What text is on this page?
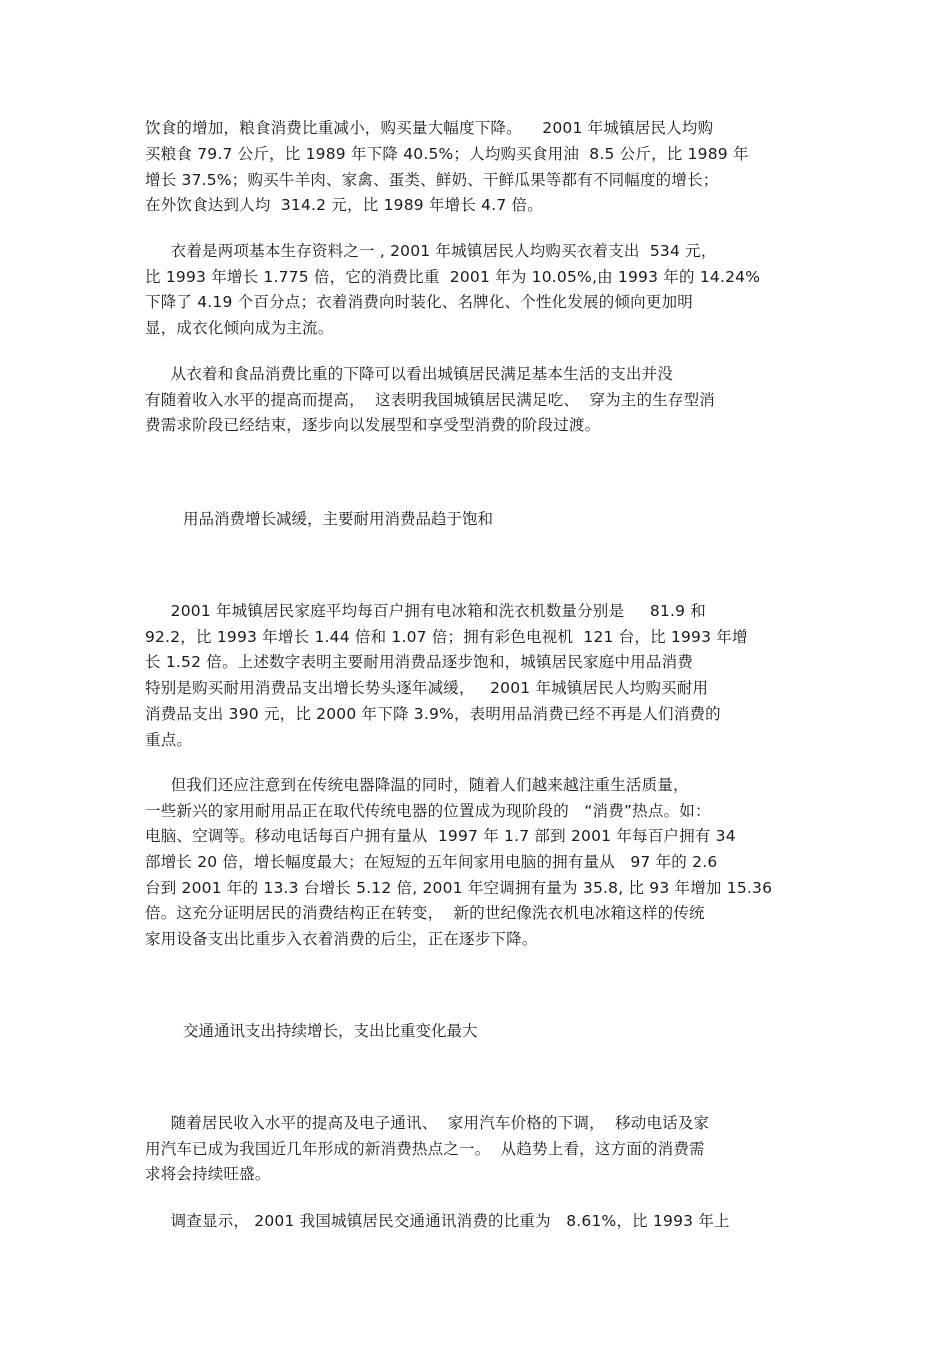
饮食的增加，粮食消费比重减小，购买量大幅度下降。    2001 年城镇居民人均购
买粮食 79.7 公斤，比 1989 年下降 40.5%；人均购买食用油  8.5 公斤，比 1989 年
增长 37.5%；购买牛羊肉、家禽、蛋类、鲜奶、干鲜瓜果等都有不同幅度的增长；
在外饮食达到人均  314.2 元，比 1989 年增长 4.7 倍。
衣着是两项基本生存资料之一 , 2001 年城镇居民人均购买衣着支出  534 元，
比 1993 年增长 1.775 倍，它的消费比重  2001 年为 10.05%,由 1993 年的 14.24%
下降了 4.19 个百分点；衣着消费向时装化、名牌化、个性化发展的倾向更加明
显，成衣化倾向成为主流。
从衣着和食品消费比重的下降可以看出城镇居民满足基本生活的支出并没
有随着收入水平的提高而提高，  这表明我国城镇居民满足吃、  穿为主的生存型消
费需求阶段已经结束，逐步向以发展型和享受型消费的阶段过渡。
用品消费增长减缓，主要耐用消费品趋于饱和
2001 年城镇居民家庭平均每百户拥有电冰箱和洗衣机数量分别是     81.9 和
92.2，比 1993 年增长 1.44 倍和 1.07 倍；拥有彩色电视机  121 台，比 1993 年增
长 1.52 倍。上述数字表明主要耐用消费品逐步饱和，城镇居民家庭中用品消费
特别是购买耐用消费品支出增长势头逐年减缓，   2001 年城镇居民人均购买耐用
消费品支出 390 元，比 2000 年下降 3.9%，表明用品消费已经不再是人们消费的
重点。
但我们还应注意到在传统电器降温的同时，随着人们越来越注重生活质量，
一些新兴的家用耐用品正在取代传统电器的位置成为现阶段的   “消费”热点。如：
电脑、空调等。移动电话每百户拥有量从  1997 年 1.7 部到 2001 年每百户拥有 34
部增长 20 倍，增长幅度最大；在短短的五年间家用电脑的拥有量从   97 年的 2.6
台到 2001 年的 13.3 台增长 5.12 倍, 2001 年空调拥有量为 35.8, 比 93 年增加 15.36
倍。这充分证明居民的消费结构正在转变，  新的世纪像洗衣机电冰箱这样的传统
家用设备支出比重步入衣着消费的后尘，正在逐步下降。
交通通讯支出持续增长，支出比重变化最大
随着居民收入水平的提高及电子通讯、  家用汽车价格的下调，  移动电话及家
用汽车已成为我国近几年形成的新消费热点之一。  从趋势上看，这方面的消费需
求将会持续旺盛。
调查显示， 2001 我国城镇居民交通通讯消费的比重为   8.61%，比 1993 年上
